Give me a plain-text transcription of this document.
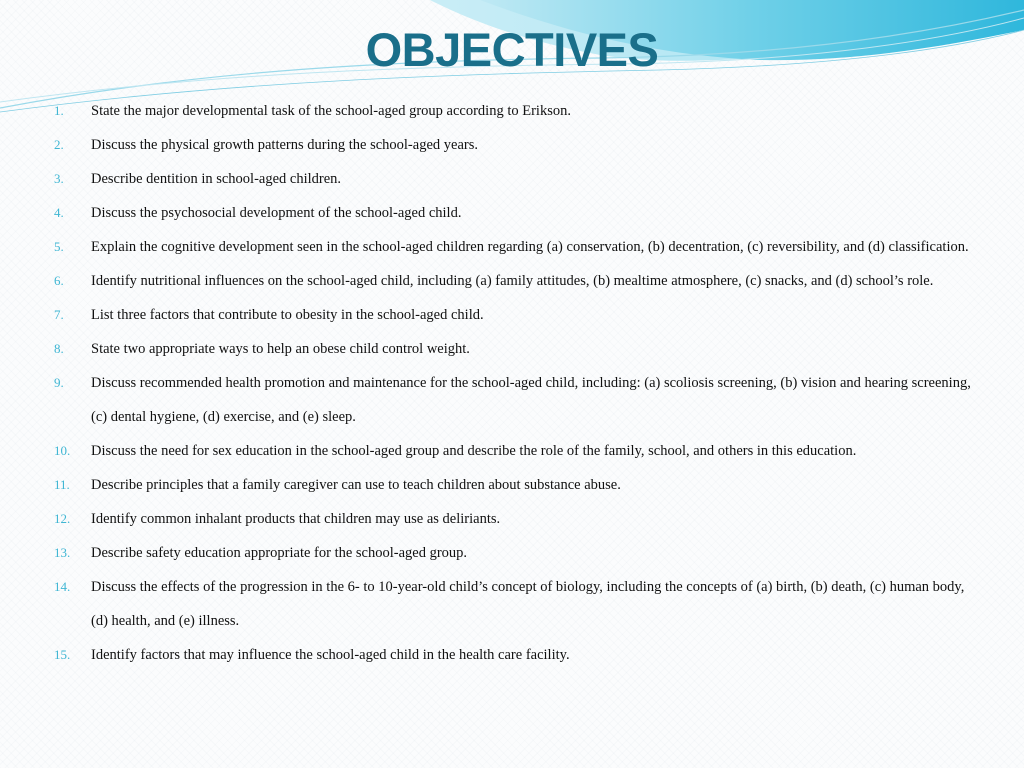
OBJECTIVES
1.	State the major developmental task of the school-aged group according to Erikson.
2.	Discuss the physical growth patterns during the school-aged years.
3.	Describe dentition in school-aged children.
4.	Discuss the psychosocial development of the school-aged child.
5.	Explain the cognitive development seen in the school-aged children regarding (a) conservation, (b) decentration, (c) reversibility, and (d) classification.
6.	Identify nutritional influences on the school-aged child, including (a) family attitudes, (b) mealtime atmosphere, (c) snacks, and (d) school’s role.
7.	List three factors that contribute to obesity in the school-aged child.
8.	State two appropriate ways to help an obese child control weight.
9.	Discuss recommended health promotion and maintenance for the school-aged child, including: (a) scoliosis screening, (b) vision and hearing screening, (c) dental hygiene, (d) exercise, and (e) sleep.
10.	Discuss the need for sex education in the school-aged group and describe the role of the family, school, and others in this education.
11.	Describe principles that a family caregiver can use to teach children about substance abuse.
12.	Identify common inhalant products that children may use as deliriants.
13.	Describe safety education appropriate for the school-aged group.
14.	Discuss the effects of the progression in the 6- to 10-year-old child’s concept of biology, including the concepts of (a) birth, (b) death, (c) human body, (d) health, and (e) illness.
15.	Identify factors that may influence the school-aged child in the health care facility.
